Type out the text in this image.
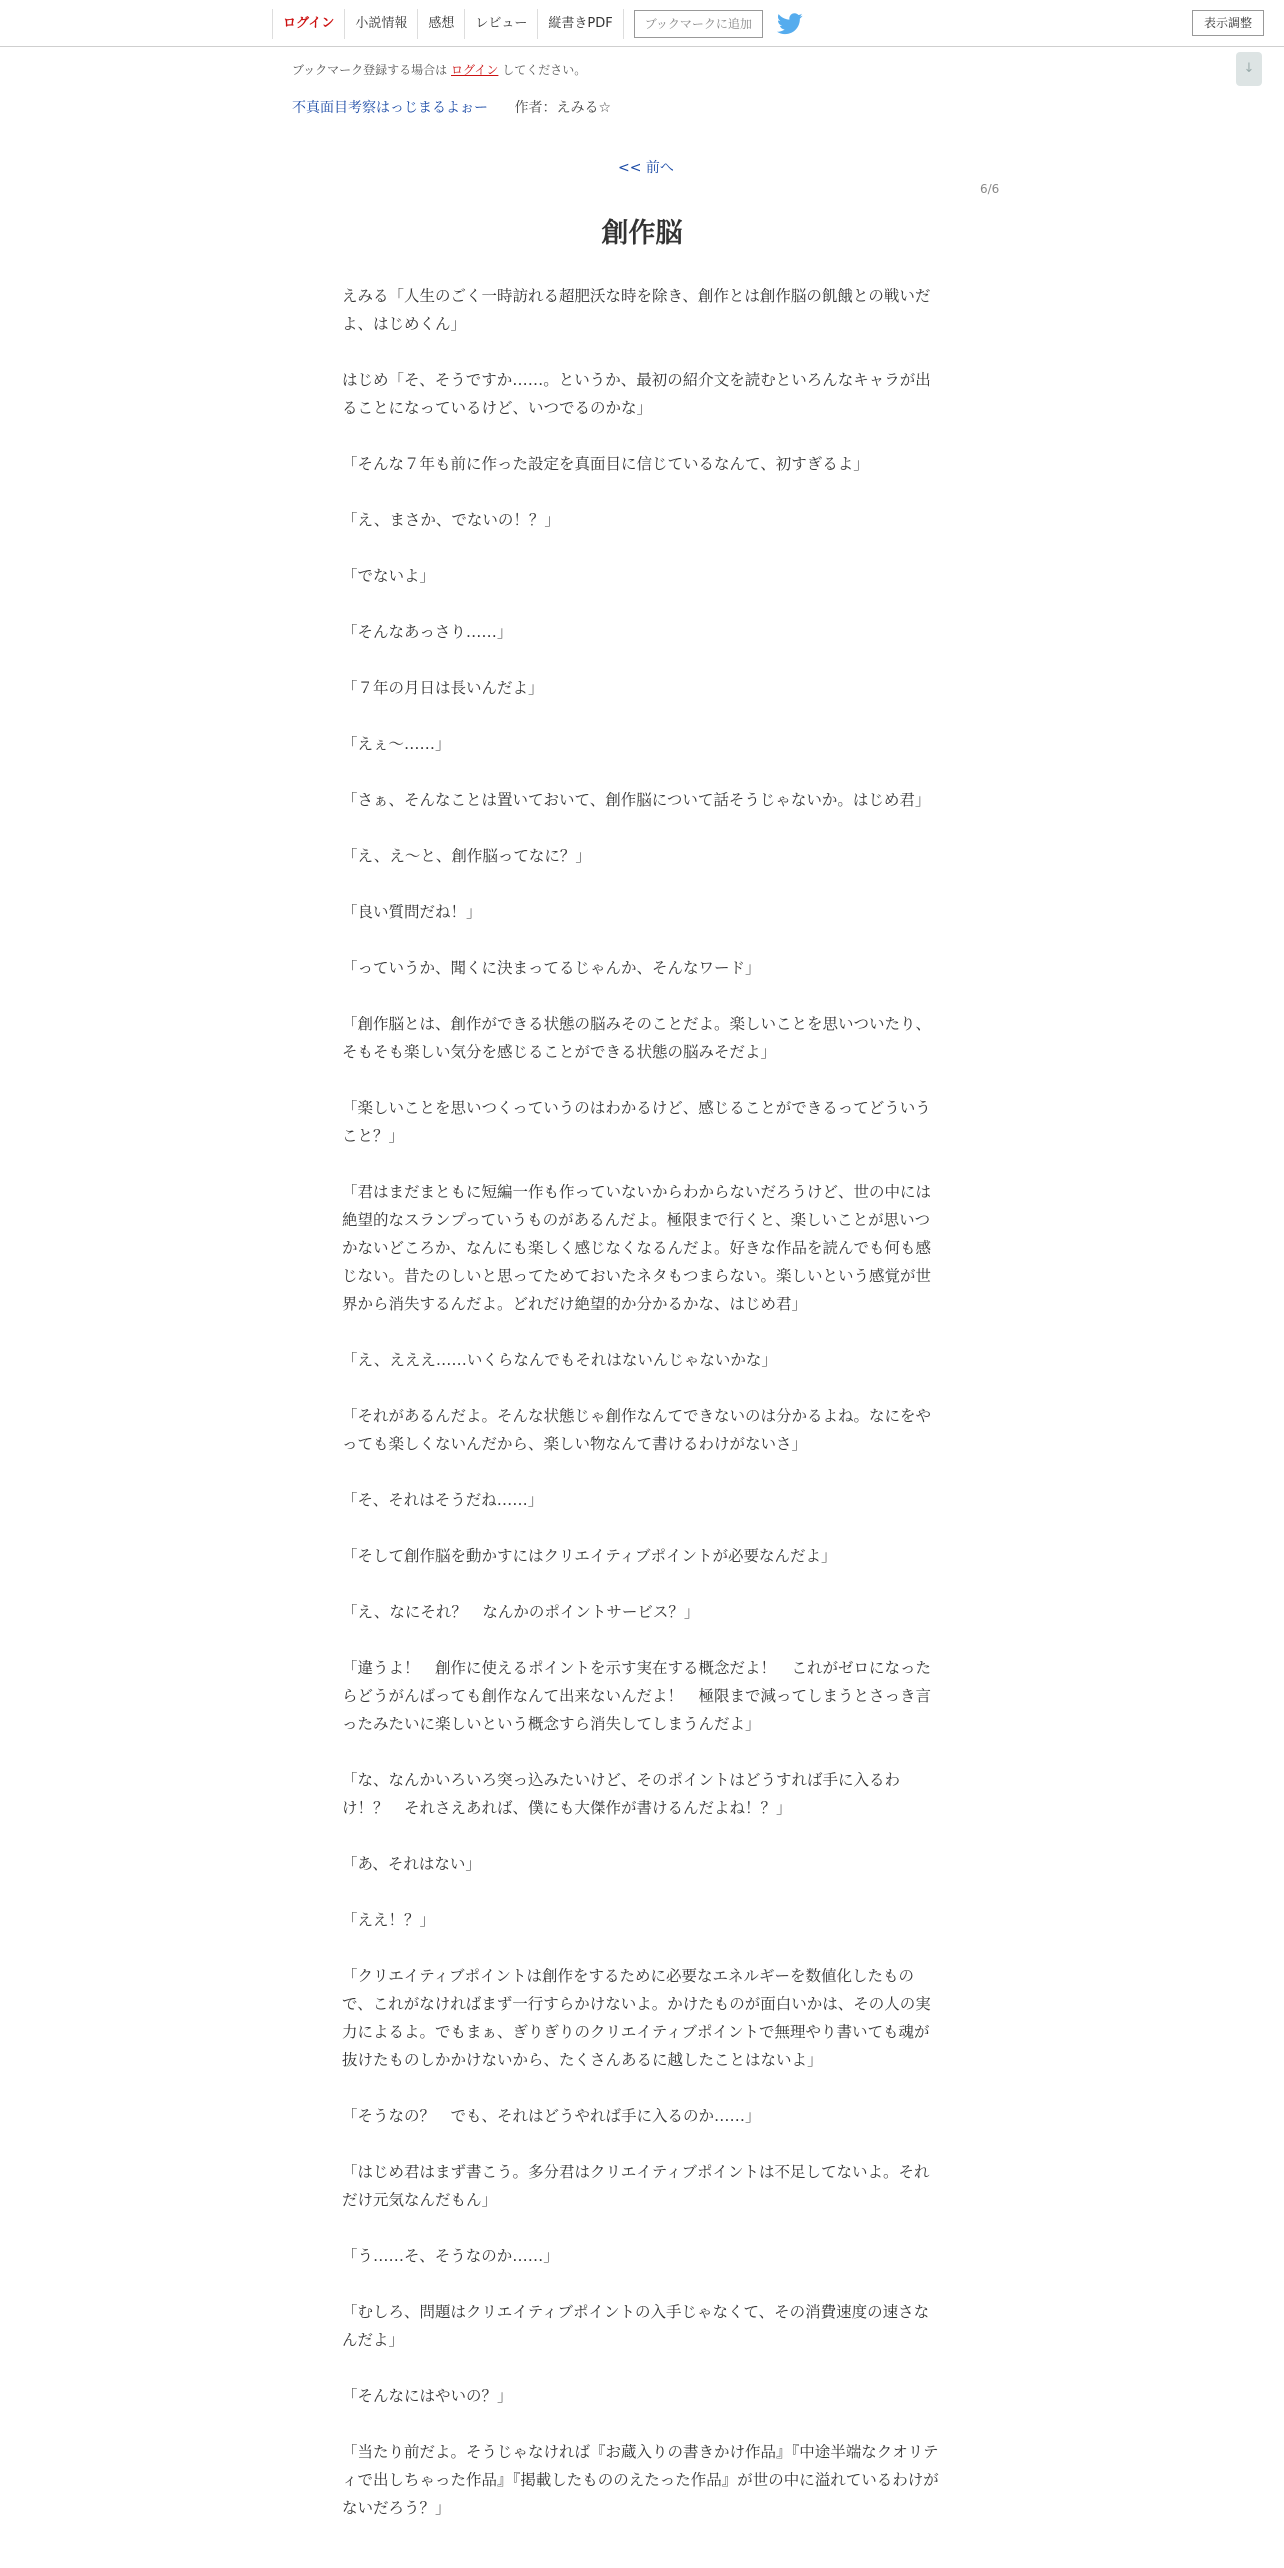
ログイン	小説情報	感想	レビュー	縦書きPDF	ブックマークに追加	表示調整
↓
ブックマーク登録する場合は ログイン してください。
不真面目考察はっじまるよぉー 作者：えみる☆
<< 前へ
6/6
創作脳

えみる「人生のごく一時訪れる超肥沃な時を除き、創作とは創作脳の飢餓との戦いだよ、はじめくん」

はじめ「そ、そうですか……。というか、最初の紹介文を読むといろんなキャラが出ることになっているけど、いつでるのかな」

「そんな７年も前に作った設定を真面目に信じているなんて、初すぎるよ」

「え、まさか、でないの！？」

「でないよ」

「そんなあっさり……」

「７年の月日は長いんだよ」

「えぇ～……」

「さぁ、そんなことは置いておいて、創作脳について話そうじゃないか。はじめ君」

「え、え～と、創作脳ってなに？」

「良い質問だね！」

「っていうか、聞くに決まってるじゃんか、そんなワード」

「創作脳とは、創作ができる状態の脳みそのことだよ。楽しいことを思いついたり、そもそも楽しい気分を感じることができる状態の脳みそだよ」

「楽しいことを思いつくっていうのはわかるけど、感じることができるってどういうこと？」

「君はまだまともに短編一作も作っていないからわからないだろうけど、世の中には絶望的なスランプっていうものがあるんだよ。極限まで行くと、楽しいことが思いつかないどころか、なんにも楽しく感じなくなるんだよ。好きな作品を読んでも何も感じない。昔たのしいと思ってためておいたネタもつまらない。楽しいという感覚が世界から消失するんだよ。どれだけ絶望的か分かるかな、はじめ君」

「え、えええ……いくらなんでもそれはないんじゃないかな」

「それがあるんだよ。そんな状態じゃ創作なんてできないのは分かるよね。なにをやっても楽しくないんだから、楽しい物なんて書けるわけがないさ」

「そ、それはそうだね……」

「そして創作脳を動かすにはクリエイティブポイントが必要なんだよ」

「え、なにそれ？　なんかのポイントサービス？」

「違うよ！　創作に使えるポイントを示す実在する概念だよ！　これがゼロになったらどうがんばっても創作なんて出来ないんだよ！　極限まで減ってしまうとさっき言ったみたいに楽しいという概念すら消失してしまうんだよ」

「な、なんかいろいろ突っ込みたいけど、そのポイントはどうすれば手に入るわけ！？　それさえあれば、僕にも大傑作が書けるんだよね！？」

「あ、それはない」

「ええ！？」

「クリエイティブポイントは創作をするために必要なエネルギーを数値化したもので、これがなければまず一行すらかけないよ。かけたものが面白いかは、その人の実力によるよ。でもまぁ、ぎりぎりのクリエイティブポイントで無理やり書いても魂が抜けたものしかかけないから、たくさんあるに越したことはないよ」

「そうなの？　でも、それはどうやれば手に入るのか……」

「はじめ君はまず書こう。多分君はクリエイティブポイントは不足してないよ。それだけ元気なんだもん」

「う……そ、そうなのか……」

「むしろ、問題はクリエイティブポイントの入手じゃなくて、その消費速度の速さなんだよ」

「そんなにはやいの？」

「当たり前だよ。そうじゃなければ『お蔵入りの書きかけ作品』『中途半端なクオリティで出しちゃった作品』『掲載したもののえたった作品』が世の中に溢れているわけがないだろう？」
